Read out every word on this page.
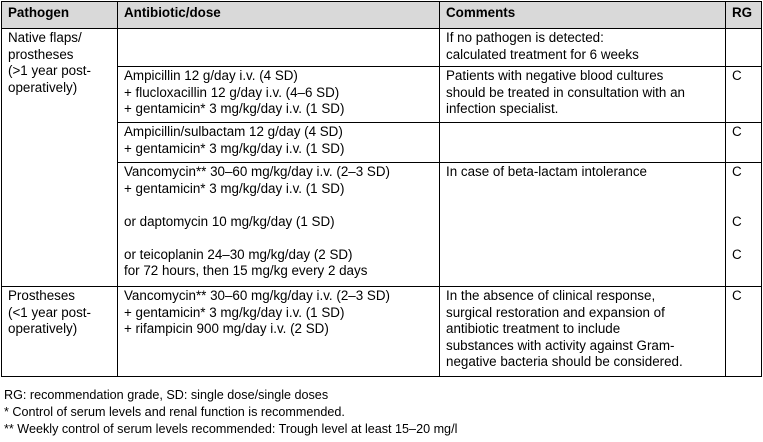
Pathogen	Antibiotic/dose	Comments	RG

Native flaps/
prostheses
(>1 year post-
operatively)		If no pathogen is detected:
calculated treatment for 6 weeks	

	Ampicillin 12 g/day i.v. (4 SD)
+ flucloxacillin 12 g/day i.v. (4–6 SD)
+ gentamicin* 3 mg/kg/day i.v. (1 SD)	Patients with negative blood cultures
should be treated in consultation with an
infection specialist.	C

	Ampicillin/sulbactam 12 g/day (4 SD)
+ gentamicin* 3 mg/kg/day i.v. (1 SD)		C

	Vancomycin** 30–60 mg/kg/day i.v. (2–3 SD)
+ gentamicin* 3 mg/kg/day i.v. (1 SD)
or daptomycin 10 mg/kg/day (1 SD)
or teicoplanin 24–30 mg/kg/day (2 SD)
for 72 hours, then 15 mg/kg every 2 days	In case of beta-lactam intolerance	C
C
C

Prostheses
(<1 year post-
operatively)	Vancomycin** 30–60 mg/kg/day i.v. (2–3 SD)
+ gentamicin* 3 mg/kg/day i.v. (1 SD)
+ rifampicin 900 mg/day i.v. (2 SD)	In the absence of clinical response,
surgical restoration and expansion of
antibiotic treatment to include
substances with activity against Gram-
negative bacteria should be considered.	C
RG: recommendation grade, SD: single dose/single doses
* Control of serum levels and renal function is recommended.
** Weekly control of serum levels recommended: Trough level at least 15–20 mg/l
